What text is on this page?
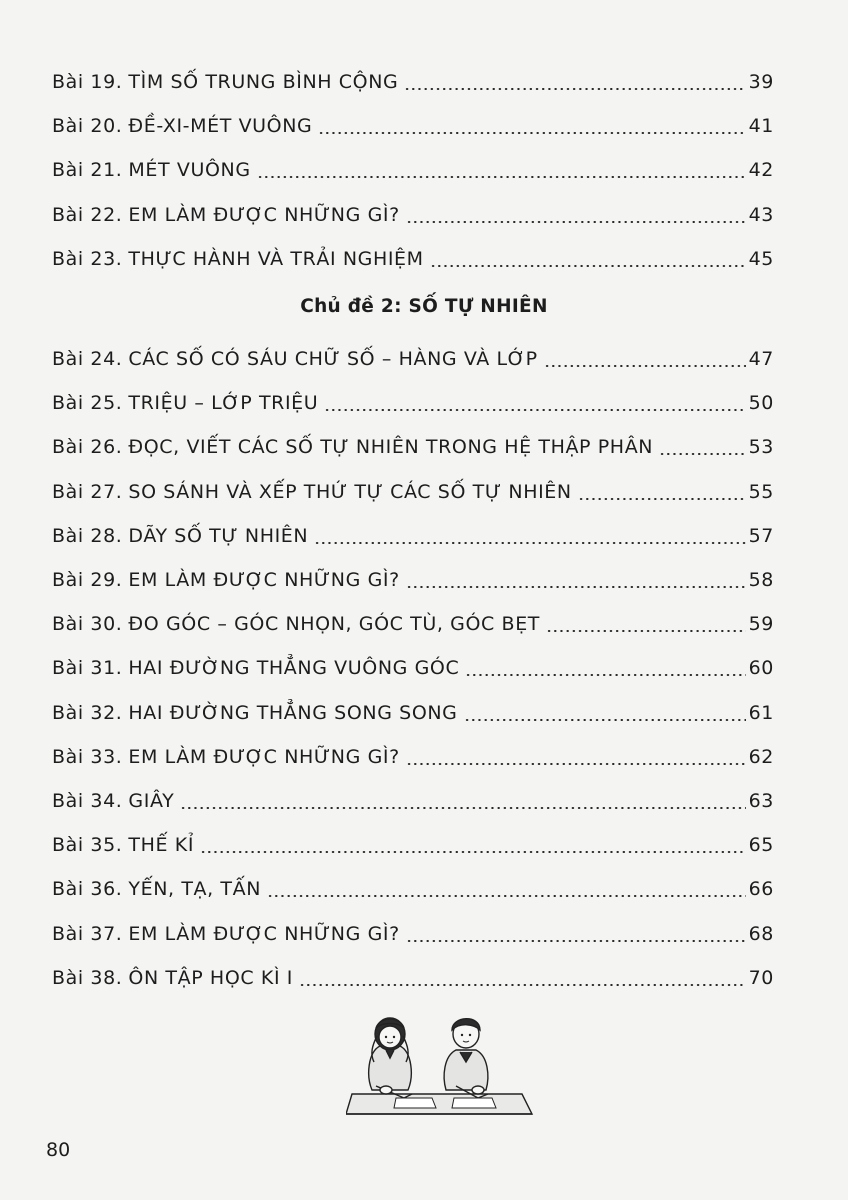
Bài 19. TÌM SỐ TRUNG BÌNH CỘNG	39
Bài 20. ĐỀ-XI-MÉT VUÔNG	41
Bài 21. MÉT VUÔNG	42
Bài 22. EM LÀM ĐƯỢC NHỮNG GÌ?	43
Bài 23. THỰC HÀNH VÀ TRẢI NGHIỆM	45
Chủ đề 2: SỐ TỰ NHIÊN
Bài 24. CÁC SỐ CÓ SÁU CHỮ SỐ – HÀNG VÀ LỚP	47
Bài 25. TRIỆU – LỚP TRIỆU	50
Bài 26. ĐỌC, VIẾT CÁC SỐ TỰ NHIÊN TRONG HỆ THẬP PHÂN	53
Bài 27. SO SÁNH VÀ XẾP THỨ TỰ CÁC SỐ TỰ NHIÊN	55
Bài 28. DÃY SỐ TỰ NHIÊN	57
Bài 29. EM LÀM ĐƯỢC NHỮNG GÌ?	58
Bài 30. ĐO GÓC – GÓC NHỌN, GÓC TÙ, GÓC BẸT	59
Bài 31. HAI ĐƯỜNG THẲNG VUÔNG GÓC	60
Bài 32. HAI ĐƯỜNG THẲNG SONG SONG	61
Bài 33. EM LÀM ĐƯỢC NHỮNG GÌ?	62
Bài 34. GIÂY	63
Bài 35. THẾ KỈ	65
Bài 36. YẾN, TẠ, TẤN	66
Bài 37. EM LÀM ĐƯỢC NHỮNG GÌ?	68
Bài 38. ÔN TẬP HỌC KÌ I	70
80
